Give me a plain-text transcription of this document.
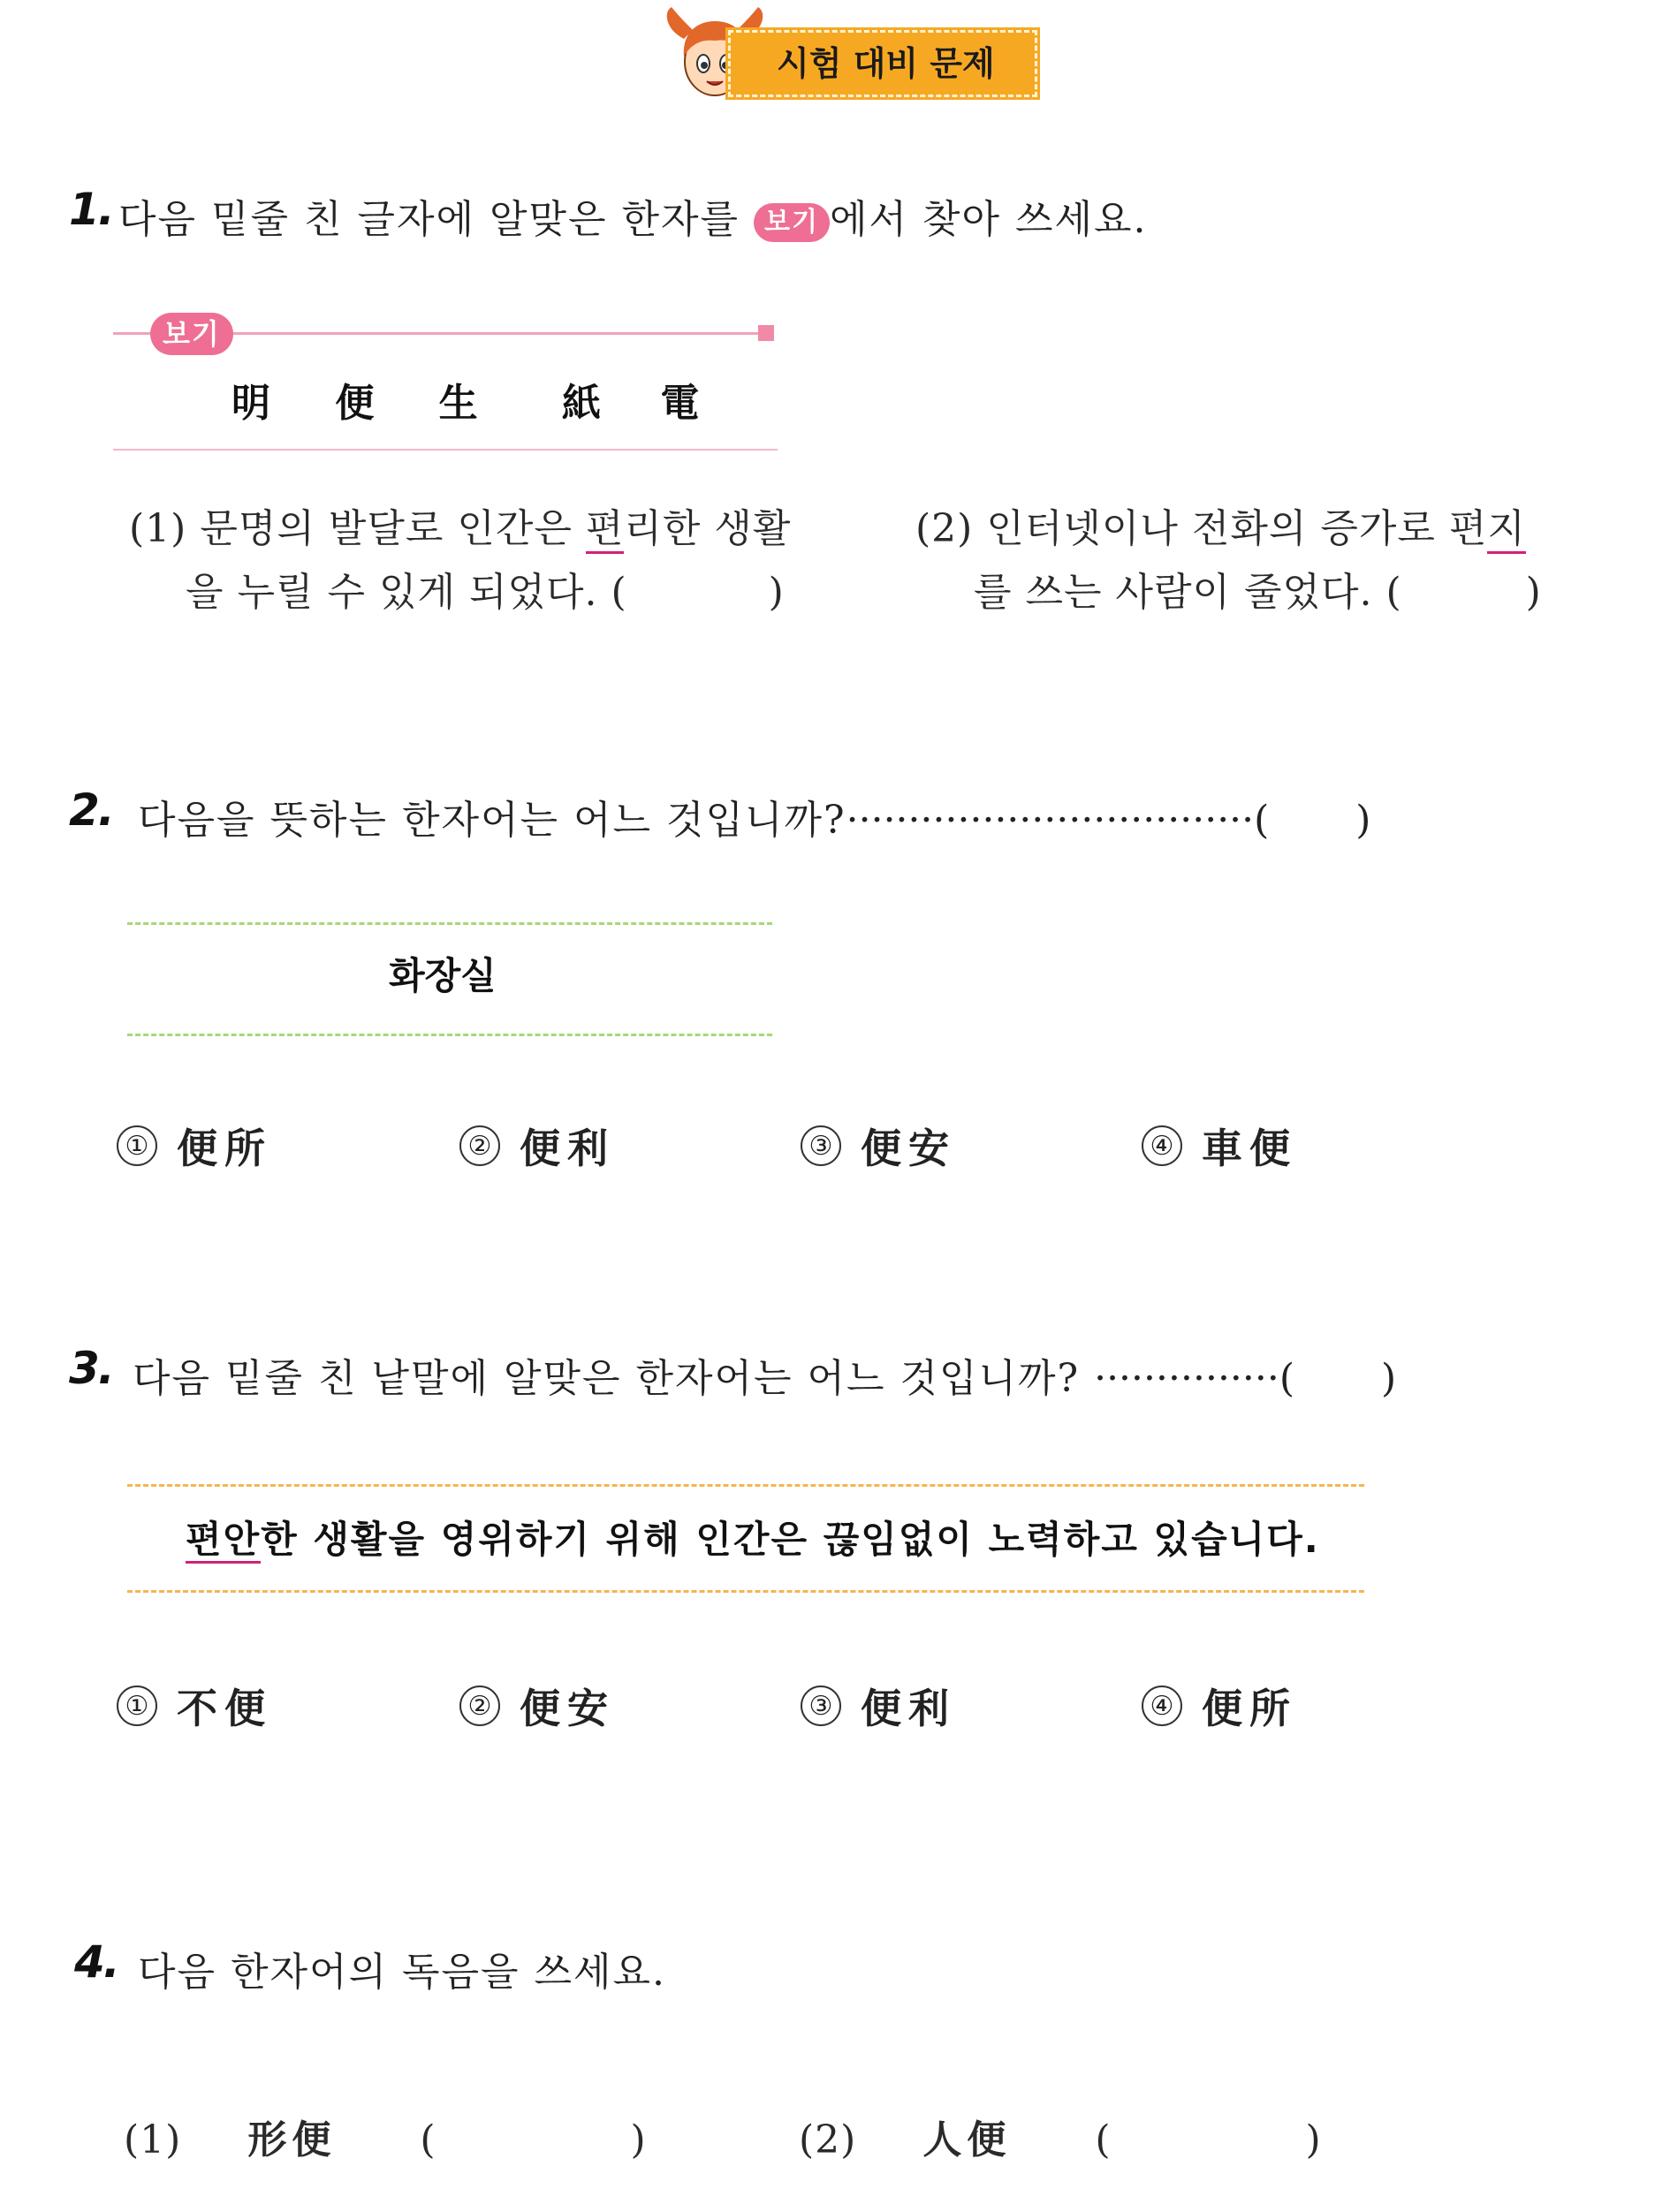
시험 대비 문제
1. 다음 밑줄 친 글자에 알맞은 한자를 보기 에서 찾아 쓰세요.
보기
明 便 生 紙 電
(1) 문명의 발달로 인간은 편리한 생활
을 누릴 수 있게 되었다. (	)
(2) 인터넷이나 전화의 증가로 편지
를 쓰는 사람이 줄었다. (	)
2. 다음을 뜻하는 한자어는 어느 것입니까?·································(      )
화장실
① 便所	② 便利	③ 便安	④ 車便
3. 다음 밑줄 친 낱말에 알맞은 한자어는 어느 것입니까? ···············(      )
편안한 생활을 영위하기 위해 인간은 끊임없이 노력하고 있습니다.
① 不便	② 便安	③ 便利	④ 便所
4. 다음 한자어의 독음을 쓰세요.
(1) 形便 (	)	(2) 人便 (	)
